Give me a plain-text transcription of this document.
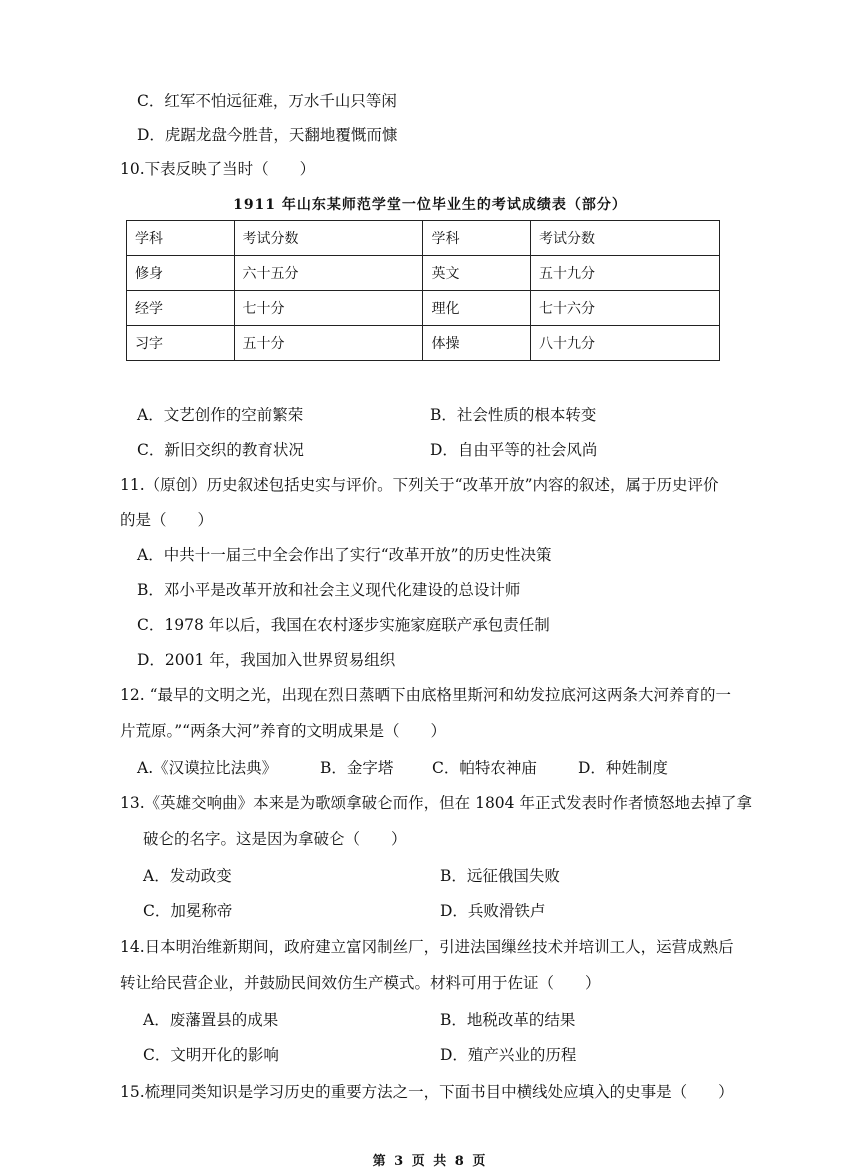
C．红军不怕远征难，万水千山只等闲
D．虎踞龙盘今胜昔，天翻地覆慨而慷
10.下表反映了当时（　　）
1911 年山东某师范学堂一位毕业生的考试成绩表（部分）
学科	考试分数	学科	考试分数
修身	六十五分	英文	五十九分
经学	七十分	理化	七十六分
习字	五十分	体操	八十九分
A．文艺创作的空前繁荣	B．社会性质的根本转变
C．新旧交织的教育状况	D．自由平等的社会风尚
11.（原创）历史叙述包括史实与评价。下列关于“改革开放”内容的叙述，属于历史评价
的是（　　）
A．中共十一届三中全会作出了实行“改革开放”的历史性决策
B．邓小平是改革开放和社会主义现代化建设的总设计师
C．1978 年以后，我国在农村逐步实施家庭联产承包责任制
D．2001 年，我国加入世界贸易组织
12. “最早的文明之光，出现在烈日蒸晒下由底格里斯河和幼发拉底河这两条大河养育的一
片荒原。”“两条大河”养育的文明成果是（　　）
A.《汉谟拉比法典》	B．金字塔 C．帕特农神庙	D．种姓制度
13.《英雄交响曲》本来是为歌颂拿破仑而作，但在 1804 年正式发表时作者愤怒地去掉了拿
破仑的名字。这是因为拿破仑（　　）
A．发动政变	B．远征俄国失败
C．加冕称帝	D．兵败滑铁卢
14.日本明治维新期间，政府建立富冈制丝厂，引进法国缫丝技术并培训工人，运营成熟后
转让给民营企业，并鼓励民间效仿生产模式。材料可用于佐证（　　）
A．废藩置县的成果	B．地税改革的结果
C．文明开化的影响	D．殖产兴业的历程
15.梳理同类知识是学习历史的重要方法之一，下面书目中横线处应填入的史事是（　　）
第 3 页 共 8 页
